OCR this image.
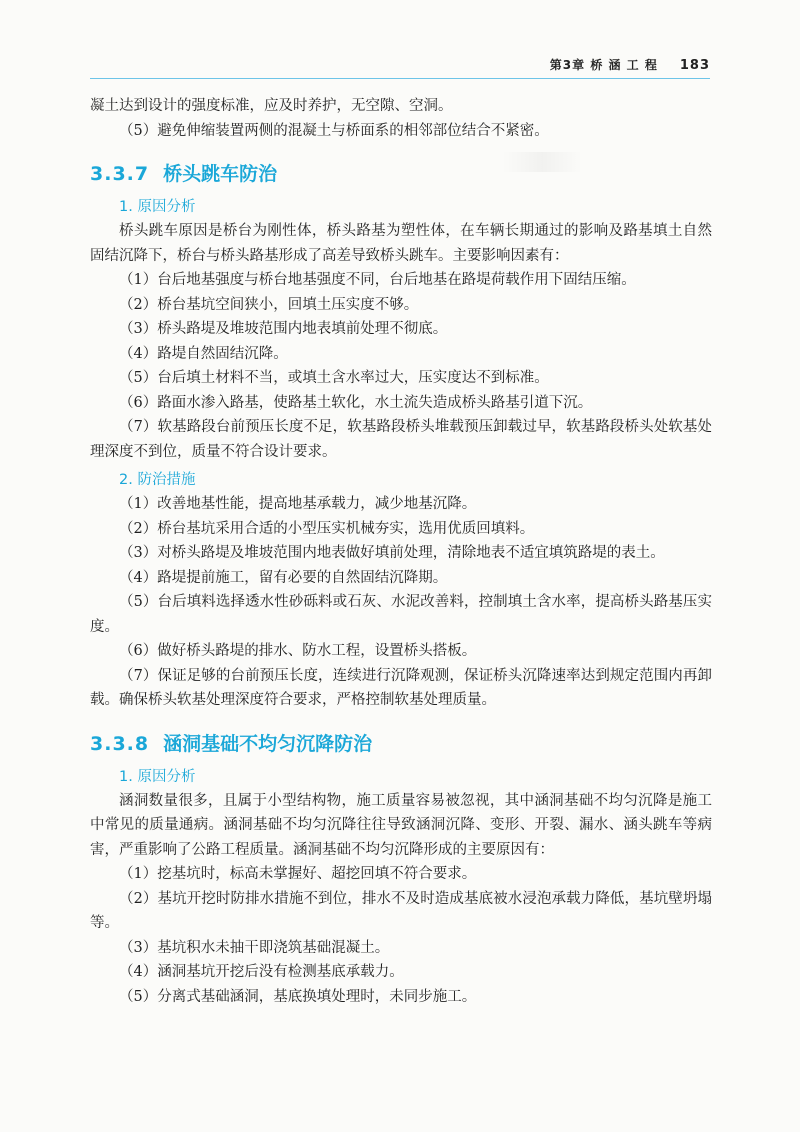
第3章 桥 涵 工 程 183

凝土达到设计的强度标准，应及时养护，无空隙、空洞。

（5）避免伸缩装置两侧的混凝土与桥面系的相邻部位结合不紧密。

3.3.7 桥头跳车防治
1. 原因分析

桥头跳车原因是桥台为刚性体，桥头路基为塑性体，在车辆长期通过的影响及路基填土自然固结沉降下，桥台与桥头路基形成了高差导致桥头跳车。主要影响因素有：

（1）台后地基强度与桥台地基强度不同，台后地基在路堤荷载作用下固结压缩。

（2）桥台基坑空间狭小，回填土压实度不够。

（3）桥头路堤及堆坡范围内地表填前处理不彻底。

（4）路堤自然固结沉降。

（5）台后填土材料不当，或填土含水率过大，压实度达不到标准。

（6）路面水渗入路基，使路基土软化，水土流失造成桥头路基引道下沉。

（7）软基路段台前预压长度不足，软基路段桥头堆载预压卸载过早，软基路段桥头处软基处理深度不到位，质量不符合设计要求。

2. 防治措施

（1）改善地基性能，提高地基承载力，减少地基沉降。

（2）桥台基坑采用合适的小型压实机械夯实，选用优质回填料。

（3）对桥头路堤及堆坡范围内地表做好填前处理，清除地表不适宜填筑路堤的表土。

（4）路堤提前施工，留有必要的自然固结沉降期。

（5）台后填料选择透水性砂砾料或石灰、水泥改善料，控制填土含水率，提高桥头路基压实度。

（6）做好桥头路堤的排水、防水工程，设置桥头搭板。

（7）保证足够的台前预压长度，连续进行沉降观测，保证桥头沉降速率达到规定范围内再卸载。确保桥头软基处理深度符合要求，严格控制软基处理质量。

3.3.8 涵洞基础不均匀沉降防治
1. 原因分析

涵洞数量很多，且属于小型结构物，施工质量容易被忽视，其中涵洞基础不均匀沉降是施工中常见的质量通病。涵洞基础不均匀沉降往往导致涵洞沉降、变形、开裂、漏水、涵头跳车等病害，严重影响了公路工程质量。涵洞基础不均匀沉降形成的主要原因有：

（1）挖基坑时，标高未掌握好、超挖回填不符合要求。

（2）基坑开挖时防排水措施不到位，排水不及时造成基底被水浸泡承载力降低，基坑壁坍塌等。

（3）基坑积水未抽干即浇筑基础混凝土。

（4）涵洞基坑开挖后没有检测基底承载力。

（5）分离式基础涵洞，基底换填处理时，未同步施工。
